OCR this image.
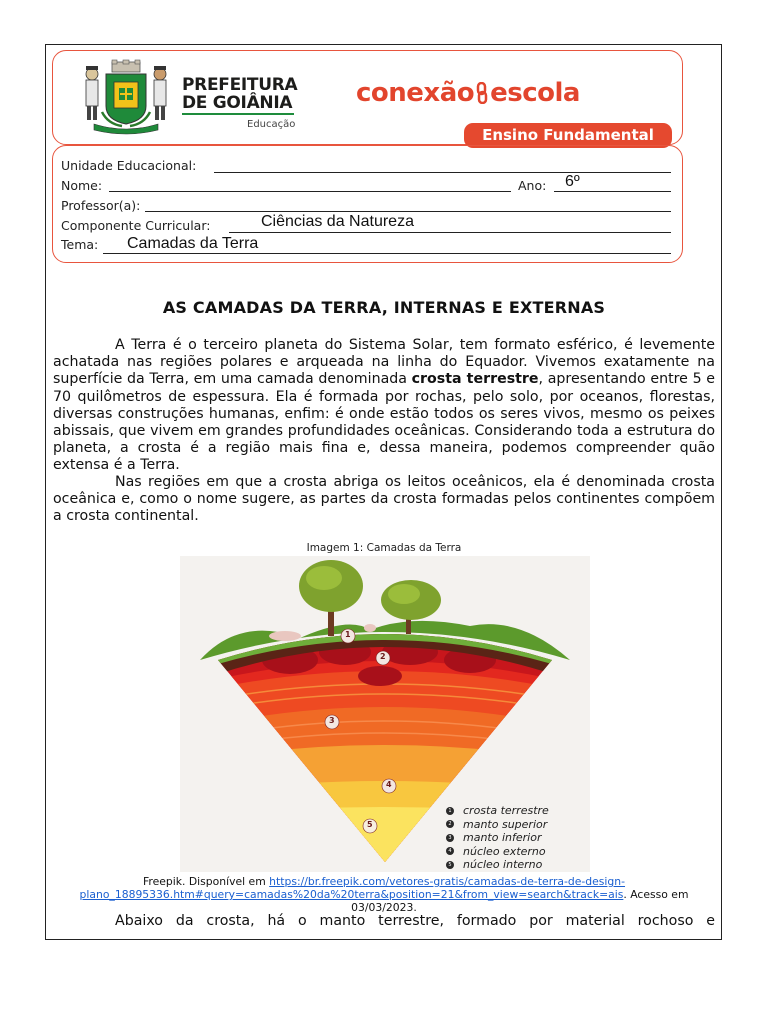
PREFEITURA
DE GOIÂNIA
Educação
conexão escola
Ensino Fundamental
Unidade Educacional:
Nome:	Ano: 6º
Professor(a):
Componente Curricular:	Ciências da Natureza
Tema: Camadas da Terra
AS CAMADAS DA TERRA, INTERNAS E EXTERNAS
A Terra é o terceiro planeta do Sistema Solar, tem formato esférico, é levemente achatada nas regiões polares e arqueada na linha do Equador. Vivemos exatamente na superfície da Terra, em uma camada denominada crosta terrestre, apresentando entre 5 e 70 quilômetros de espessura. Ela é formada por rochas, pelo solo, por oceanos, florestas, diversas construções humanas, enfim: é onde estão todos os seres vivos, mesmo os peixes abissais, que vivem em grandes profundidades oceânicas. Considerando toda a estrutura do planeta, a crosta é a região mais fina e, dessa maneira, podemos compreender quão extensa é a Terra.
Nas regiões em que a crosta abriga os leitos oceânicos, ela é denominada crosta oceânica e, como o nome sugere, as partes da crosta formadas pelos continentes compõem a crosta continental.
Imagem 1: Camadas da Terra
1
2
3
4
5
1 crosta terrestre
2 manto superior
3 manto inferior
4 núcleo externo
5 núcleo interno
Freepik. Disponível em https://br.freepik.com/vetores-gratis/camadas-de-terra-de-design-plano_18895336.htm#query=camadas%20da%20terra&position=21&from_view=search&track=ais. Acesso em 03/03/2023.
Abaixo da crosta, há o manto terrestre, formado por material rochoso e
